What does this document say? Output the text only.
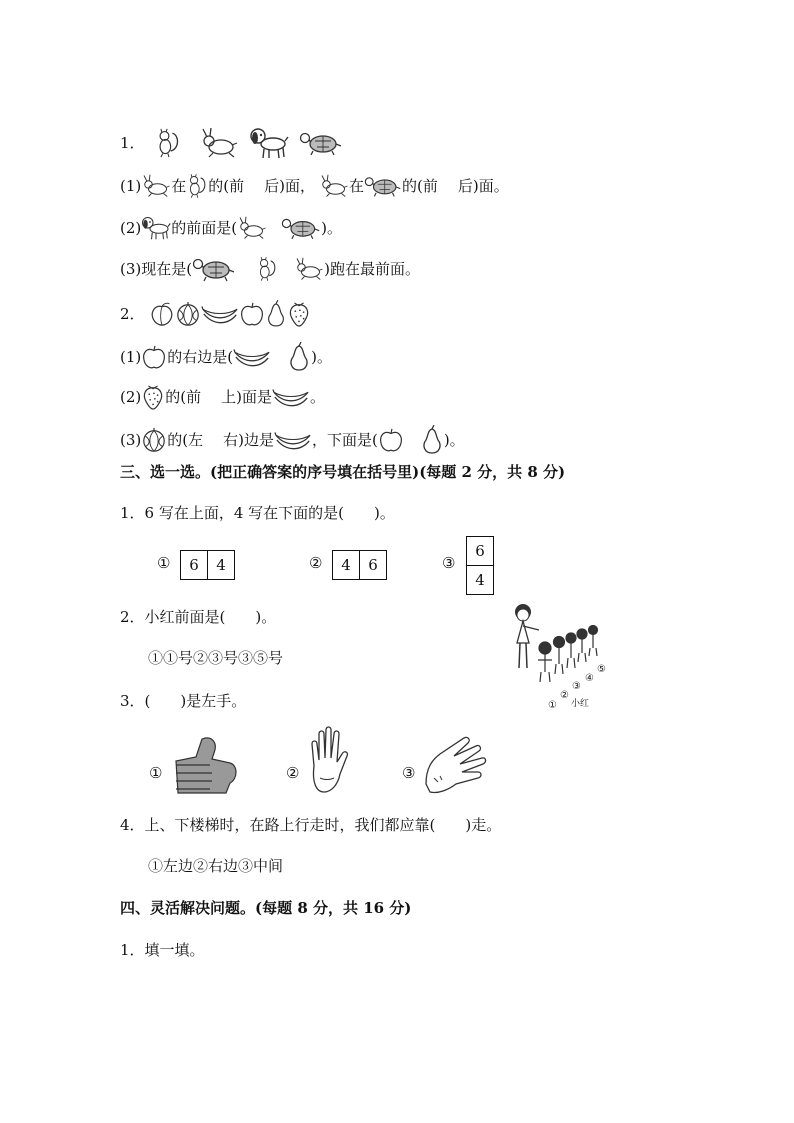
1．
(1) 在 的(前 后)面， 在	的(前 后)面。
(2) 的前面是(	)。
(3)现在是(	)跑在最前面。
2．
(1) 的右边是(	)。
(2) 的(前 上)面是	。
(3) 的(左 右)边是	，下面是(	)。
三、选一选。(把正确答案的序号填在括号里)(每题 2 分，共 8 分)
1．6 写在上面，4 写在下面的是(　　)。
①	6	4	②	4	6	③
6
4
2．小红前面是(　　)。
①①号②③号③⑤号
①
②
③
④
⑤
小红
3．(　　)是左手。
①	②	③
4．上、下楼梯时，在路上行走时，我们都应靠(　　)走。
①左边②右边③中间
四、灵活解决问题。(每题 8 分，共 16 分)
1．填一填。
